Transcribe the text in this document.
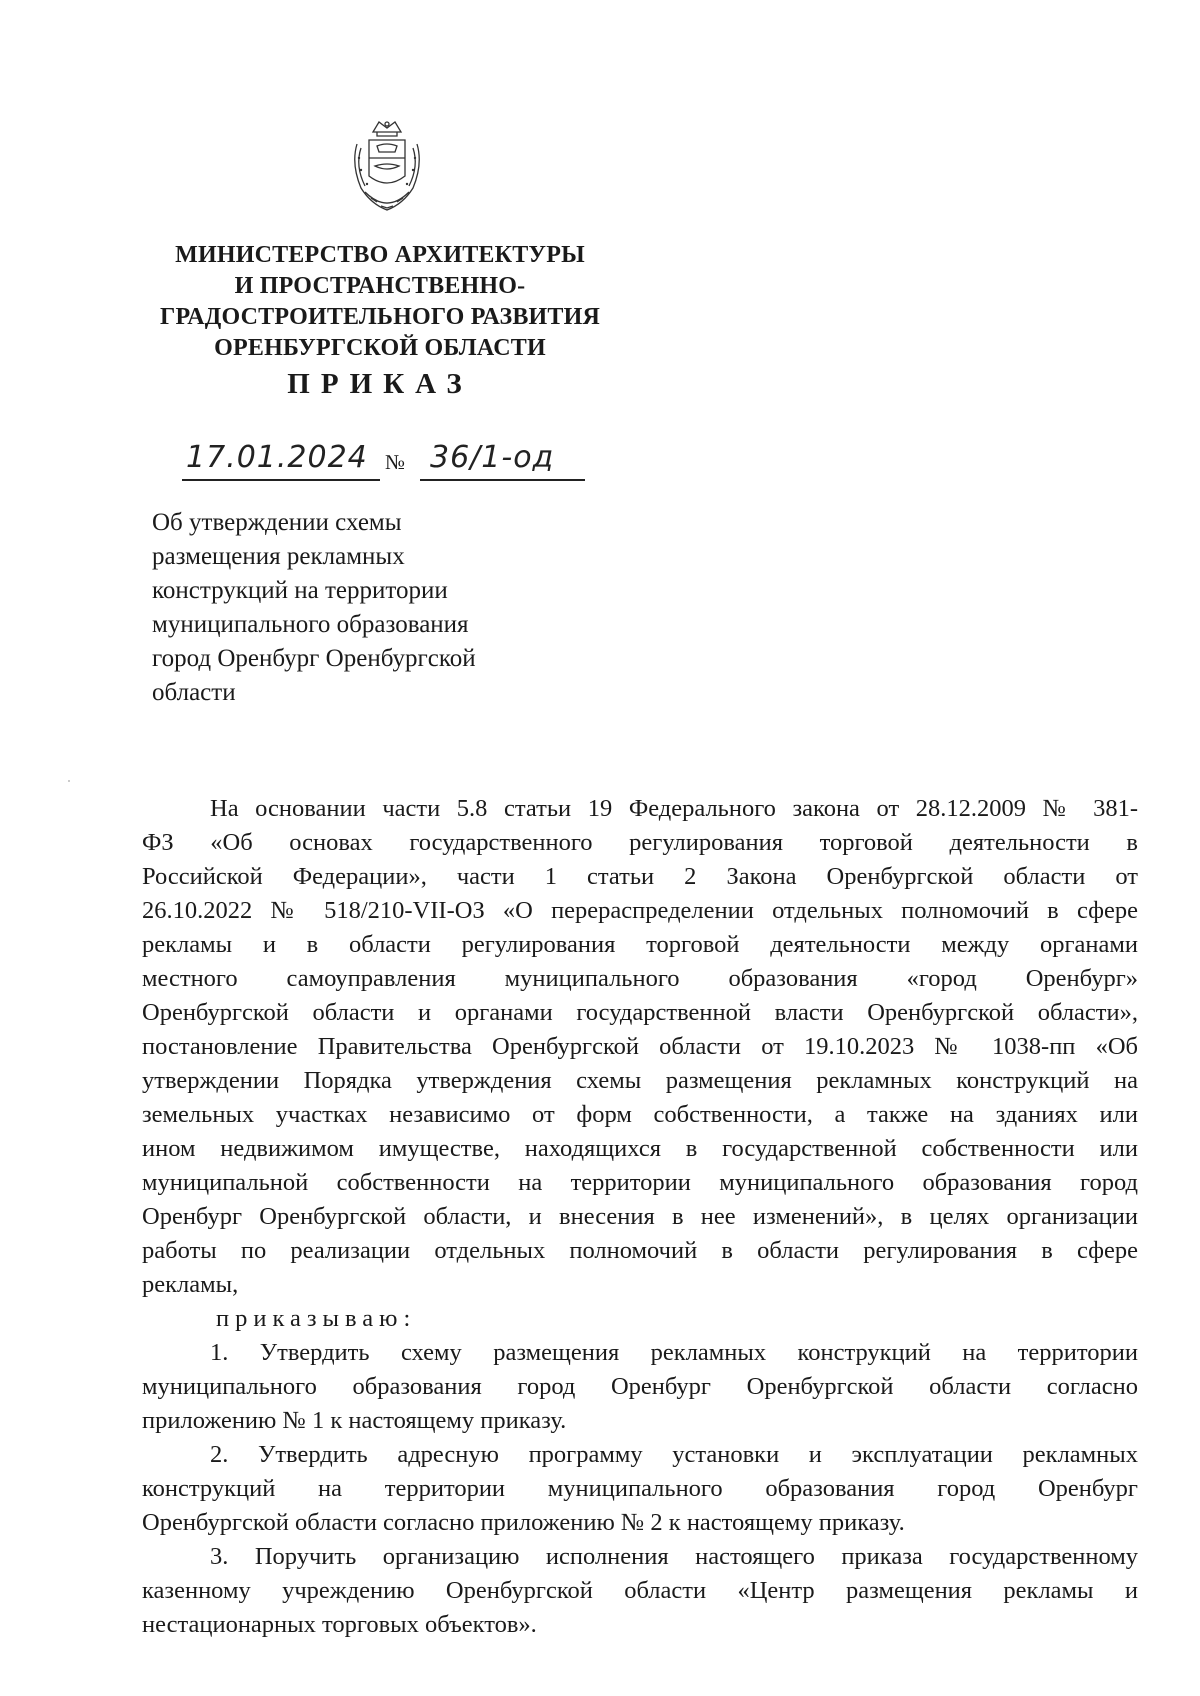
МИНИСТЕРСТВО АРХИТЕКТУРЫ
И ПРОСТРАНСТВЕННО-
ГРАДОСТРОИТЕЛЬНОГО РАЗВИТИЯ
ОРЕНБУРГСКОЙ ОБЛАСТИ
ПРИКАЗ
17.01.2024 № 36/1-од
Об утверждении схемы
размещения рекламных
конструкций на территории
муниципального образования
город Оренбург Оренбургской
области

На основании части 5.8 статьи 19 Федерального закона от 28.12.2009 № 381-
ФЗ «Об основах государственного регулирования торговой деятельности в
Российской Федерации», части 1 статьи 2 Закона Оренбургской области от
26.10.2022 № 518/210-VII-ОЗ «О перераспределении отдельных полномочий в сфере
рекламы и в области регулирования торговой деятельности между органами
местного самоуправления муниципального образования «город Оренбург»
Оренбургской области и органами государственной власти Оренбургской области»,
постановление Правительства Оренбургской области от 19.10.2023 № 1038-пп «Об
утверждении Порядка утверждения схемы размещения рекламных конструкций на
земельных участках независимо от форм собственности, а также на зданиях или
ином недвижимом имуществе, находящихся в государственной собственности или
муниципальной собственности на территории муниципального образования город
Оренбург Оренбургской области, и внесения в нее изменений», в целях организации
работы по реализации отдельных полномочий в области регулирования в сфере
рекламы,

приказываю:

1. Утвердить схему размещения рекламных конструкций на территории
муниципального образования город Оренбург Оренбургской области согласно
приложению № 1 к настоящему приказу.

2. Утвердить адресную программу установки и эксплуатации рекламных
конструкций на территории муниципального образования город Оренбург
Оренбургской области согласно приложению № 2 к настоящему приказу.

3. Поручить организацию исполнения настоящего приказа государственному
казенному учреждению Оренбургской области «Центр размещения рекламы и
нестационарных торговых объектов».
